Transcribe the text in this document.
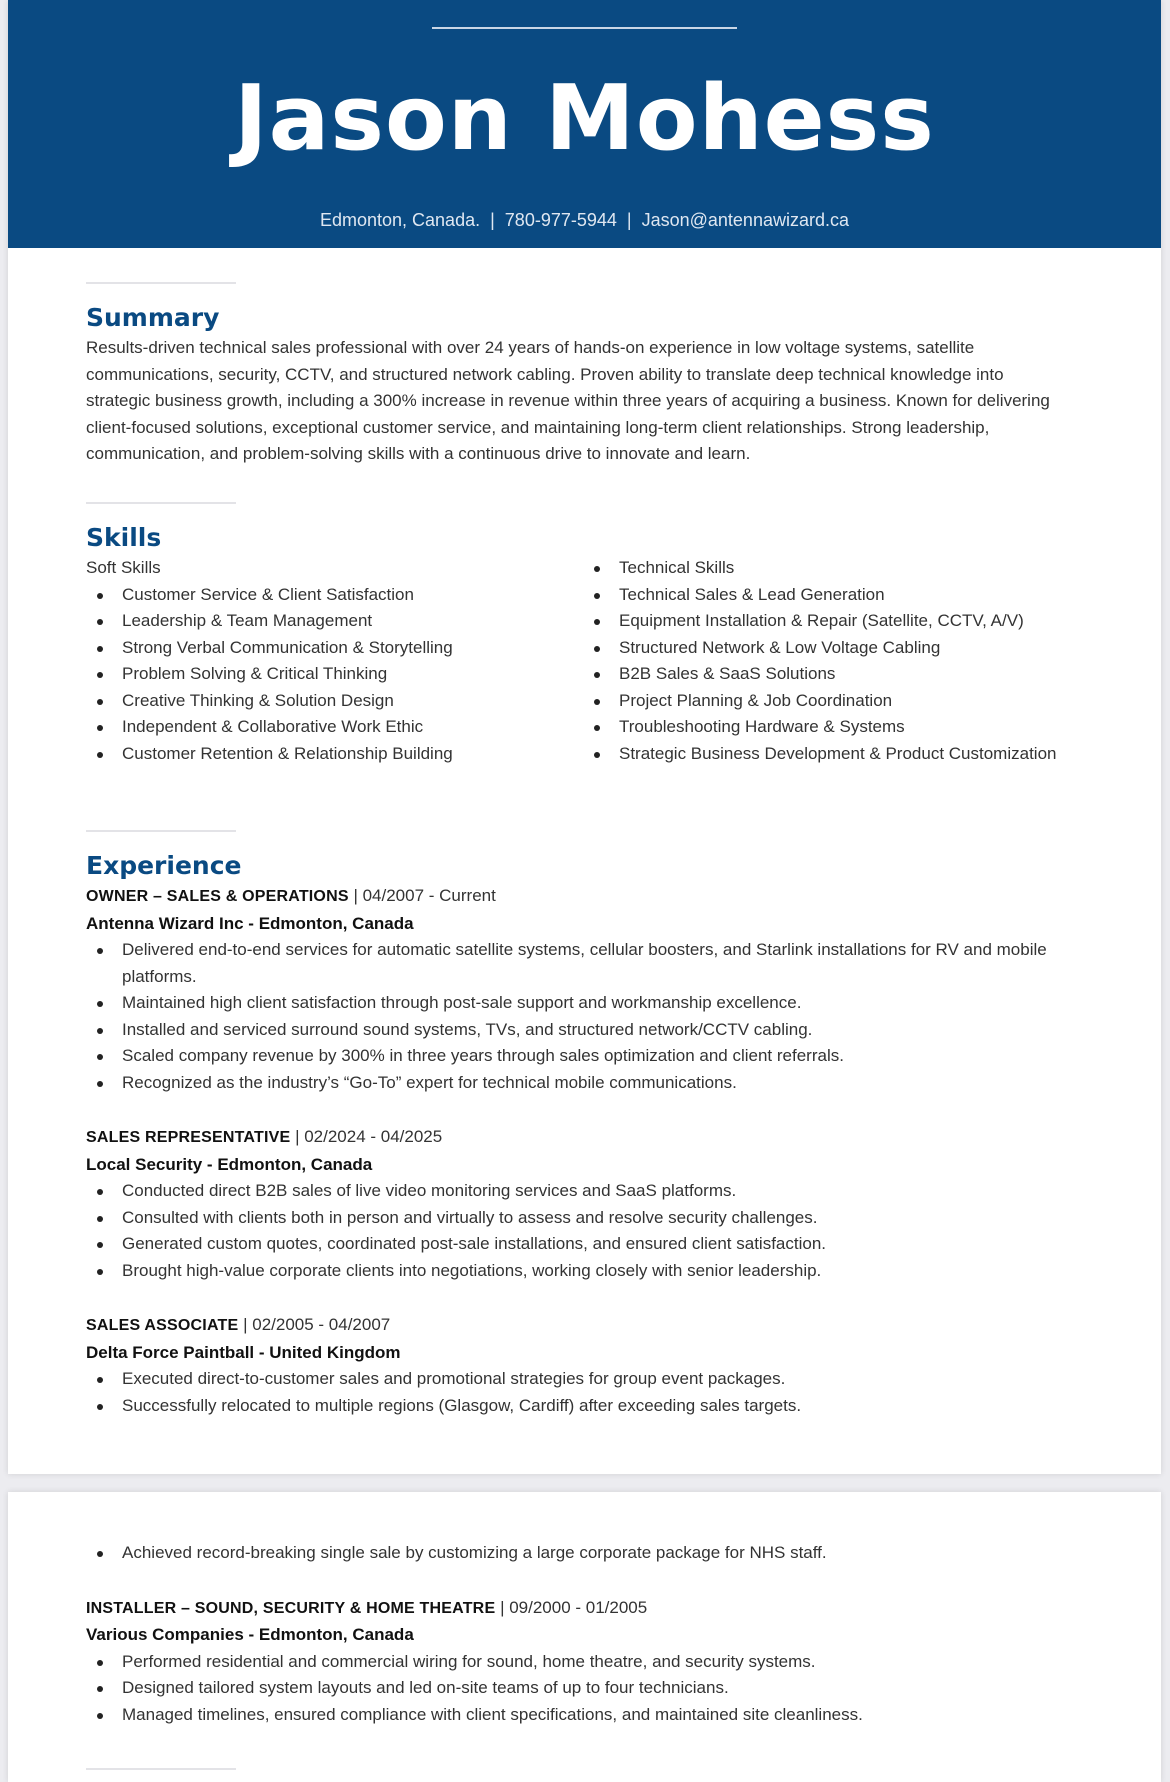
Jason Mohess
Edmonton, Canada. | 780-977-5944 | Jason@antennawizard.ca
Summary

Results-driven technical sales professional with over 24 years of hands-on experience in low voltage systems, satellite communications, security, CCTV, and structured network cabling. Proven ability to translate deep technical knowledge into strategic business growth, including a 300% increase in revenue within three years of acquiring a business. Known for delivering client-focused solutions, exceptional customer service, and maintaining long-term client relationships. Strong leadership, communication, and problem-solving skills with a continuous drive to innovate and learn.

Skills
Soft Skills
Customer Service & Client Satisfaction
Leadership & Team Management
Strong Verbal Communication & Storytelling
Problem Solving & Critical Thinking
Creative Thinking & Solution Design
Independent & Collaborative Work Ethic
Customer Retention & Relationship Building
Technical Skills
Technical Sales & Lead Generation
Equipment Installation & Repair (Satellite, CCTV, A/V)
Structured Network & Low Voltage Cabling
B2B Sales & SaaS Solutions
Project Planning & Job Coordination
Troubleshooting Hardware & Systems
Strategic Business Development & Product Customization
Experience
OWNER – SALES & OPERATIONS | 04/2007 - Current
Antenna Wizard Inc - Edmonton, Canada
Delivered end-to-end services for automatic satellite systems, cellular boosters, and Starlink installations for RV and mobile platforms.
Maintained high client satisfaction through post-sale support and workmanship excellence.
Installed and serviced surround sound systems, TVs, and structured network/CCTV cabling.
Scaled company revenue by 300% in three years through sales optimization and client referrals.
Recognized as the industry’s “Go-To” expert for technical mobile communications.
SALES REPRESENTATIVE | 02/2024 - 04/2025
Local Security - Edmonton, Canada
Conducted direct B2B sales of live video monitoring services and SaaS platforms.
Consulted with clients both in person and virtually to assess and resolve security challenges.
Generated custom quotes, coordinated post-sale installations, and ensured client satisfaction.
Brought high-value corporate clients into negotiations, working closely with senior leadership.
SALES ASSOCIATE | 02/2005 - 04/2007
Delta Force Paintball - United Kingdom
Executed direct-to-customer sales and promotional strategies for group event packages.
Successfully relocated to multiple regions (Glasgow, Cardiff) after exceeding sales targets.
Achieved record-breaking single sale by customizing a large corporate package for NHS staff.
INSTALLER – SOUND, SECURITY & HOME THEATRE | 09/2000 - 01/2005
Various Companies - Edmonton, Canada
Performed residential and commercial wiring for sound, home theatre, and security systems.
Designed tailored system layouts and led on-site teams of up to four technicians.
Managed timelines, ensured compliance with client specifications, and maintained site cleanliness.
